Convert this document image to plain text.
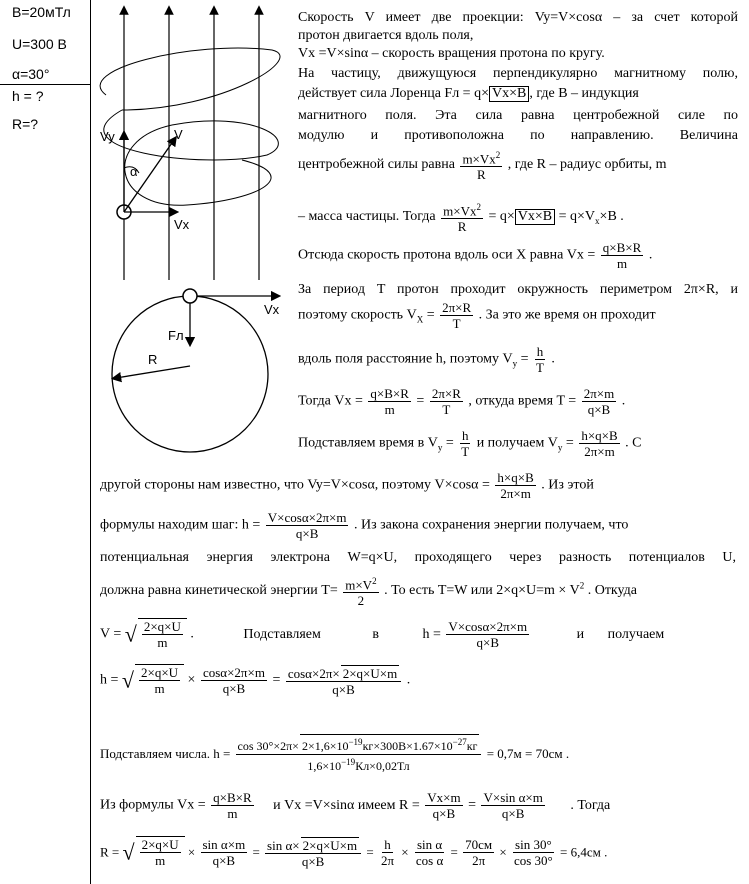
B=20мТл
U=300 В
α=30°
h = ?
R=?
Vy	V
α
Vx
Vx
Fл
R
Скорость V имеет две проекции: Vy=V×cosα – за счет которой
протон двигается вдоль поля,
Vx =V×sinα – скорость вращения протона по кругу.
На частицу, движущуюся перпендикулярно магнитному полю,
действует сила Лоренца Fл = q× Vx×B , где B – индукция
магнитного поля. Эта сила равна центробежной силе по
модулю и противоположна по направлению. Величина
центробежной силы равна $\frac{m\times Vx^2}{R}$ , где R – радиус орбиты, m
– масса частицы. Тогда $\frac{m\times Vx^2}{R} = q\times Vx\times B = q\times V_x\times B$ .
Отсюда скорость протона вдоль оси X равна $Vx = \frac{q\times B\times R}{m}$ .
За период T протон проходит окружность периметром 2π×R, и
поэтому скорость $V_X = \frac{2\pi\times R}{T}$ . За это же время он проходит
вдоль поля расстояние h, поэтому $V_y = \frac{h}{T}$ .
Тогда $Vx = \frac{q\times B\times R}{m} = \frac{2\pi\times R}{T}$ , откуда время $T = \frac{2\pi\times m}{q\times B}$ .
Подставляем время в $V_y = \frac{h}{T}$ и получаем $V_y = \frac{h\times q\times B}{2\pi\times m}$ . С
другой стороны нам известно, что Vy=V×cosα, поэтому $V\times\cos\alpha = \frac{h\times q\times B}{2\pi\times m}$ . Из этой
формулы находим шаг: $h = \frac{V\times\cos\alpha\times 2\pi\times m}{q\times B}$ . Из закона сохранения энергии получаем, что
потенциальная энергия электрона W=q×U, проходящего через разность потенциалов U,
должна равна кинетической энергии $T= \frac{m\times V^2}{2}$ . То есть T=W или $2\times q\times U=m \times V^2$ . Откуда
V = √ $\frac{2\times q\times U}{m}$ .	Подставляем	в	$h = \frac{V\times\cos\alpha\times 2\pi\times m}{q\times B}$	и получаем
h = √ $\frac{2\times q\times U}{m} \times \frac{\cos\alpha\times 2\pi\times m}{q\times B} = \frac{\cos\alpha\times 2\pi\times 2\times q\times U\times m}{q\times B}$ .
Подставляем числа. $h = \cos 30^\circ\times 2\pi\times 2\times 1,6\times 10^{-19}кг\times 300В\times 1.67\times 10^{-27}кг$
$1,6\times 10^{-19}Кл\times 0,02Тл$
= 0,7м = 70см .
Из формулы $Vx = \frac{q\times B\times R}{m}$ и Vx =V×sinα имеем $R = \frac{Vx\times m}{q\times B} = \frac{\text{V×sin α×m}}{q\times B}$ . Тогда
R = √ $\frac{2\times q\times U}{m} \times \frac{\text{sin α×m}}{q\times B} = \frac{\text{sin α× 2×q×U×m}}{q\times B} = \frac{h}{2\pi} \times \frac{\text{sin α}}{\text{cos α}} = 70см$
2π
× $\frac{\sin 30^\circ}{\cos 30^\circ} = 6,4см$ .
